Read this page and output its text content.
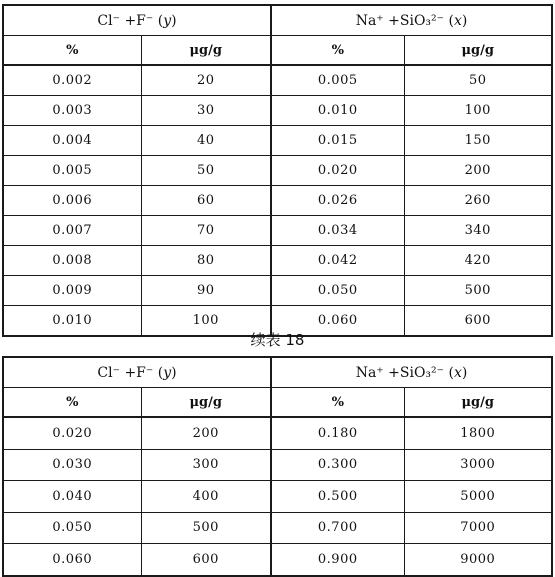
Cl⁻ +F⁻ (y)		Na⁺ +SiO₃²⁻ (x)	
%	μg/g	%	μg/g
0.002	20	0.005	50
0.003	30	0.010	100
0.004	40	0.015	150
0.005	50	0.020	200
0.006	60	0.026	260
0.007	70	0.034	340
0.008	80	0.042	420
0.009	90	0.050	500
0.010	100	0.060	600
续表 18
Cl⁻ +F⁻ (y)		Na⁺ +SiO₃²⁻ (x)	
%	μg/g	%	μg/g
0.020	200	0.180	1800
0.030	300	0.300	3000
0.040	400	0.500	5000
0.050	500	0.700	7000
0.060	600	0.900	9000
